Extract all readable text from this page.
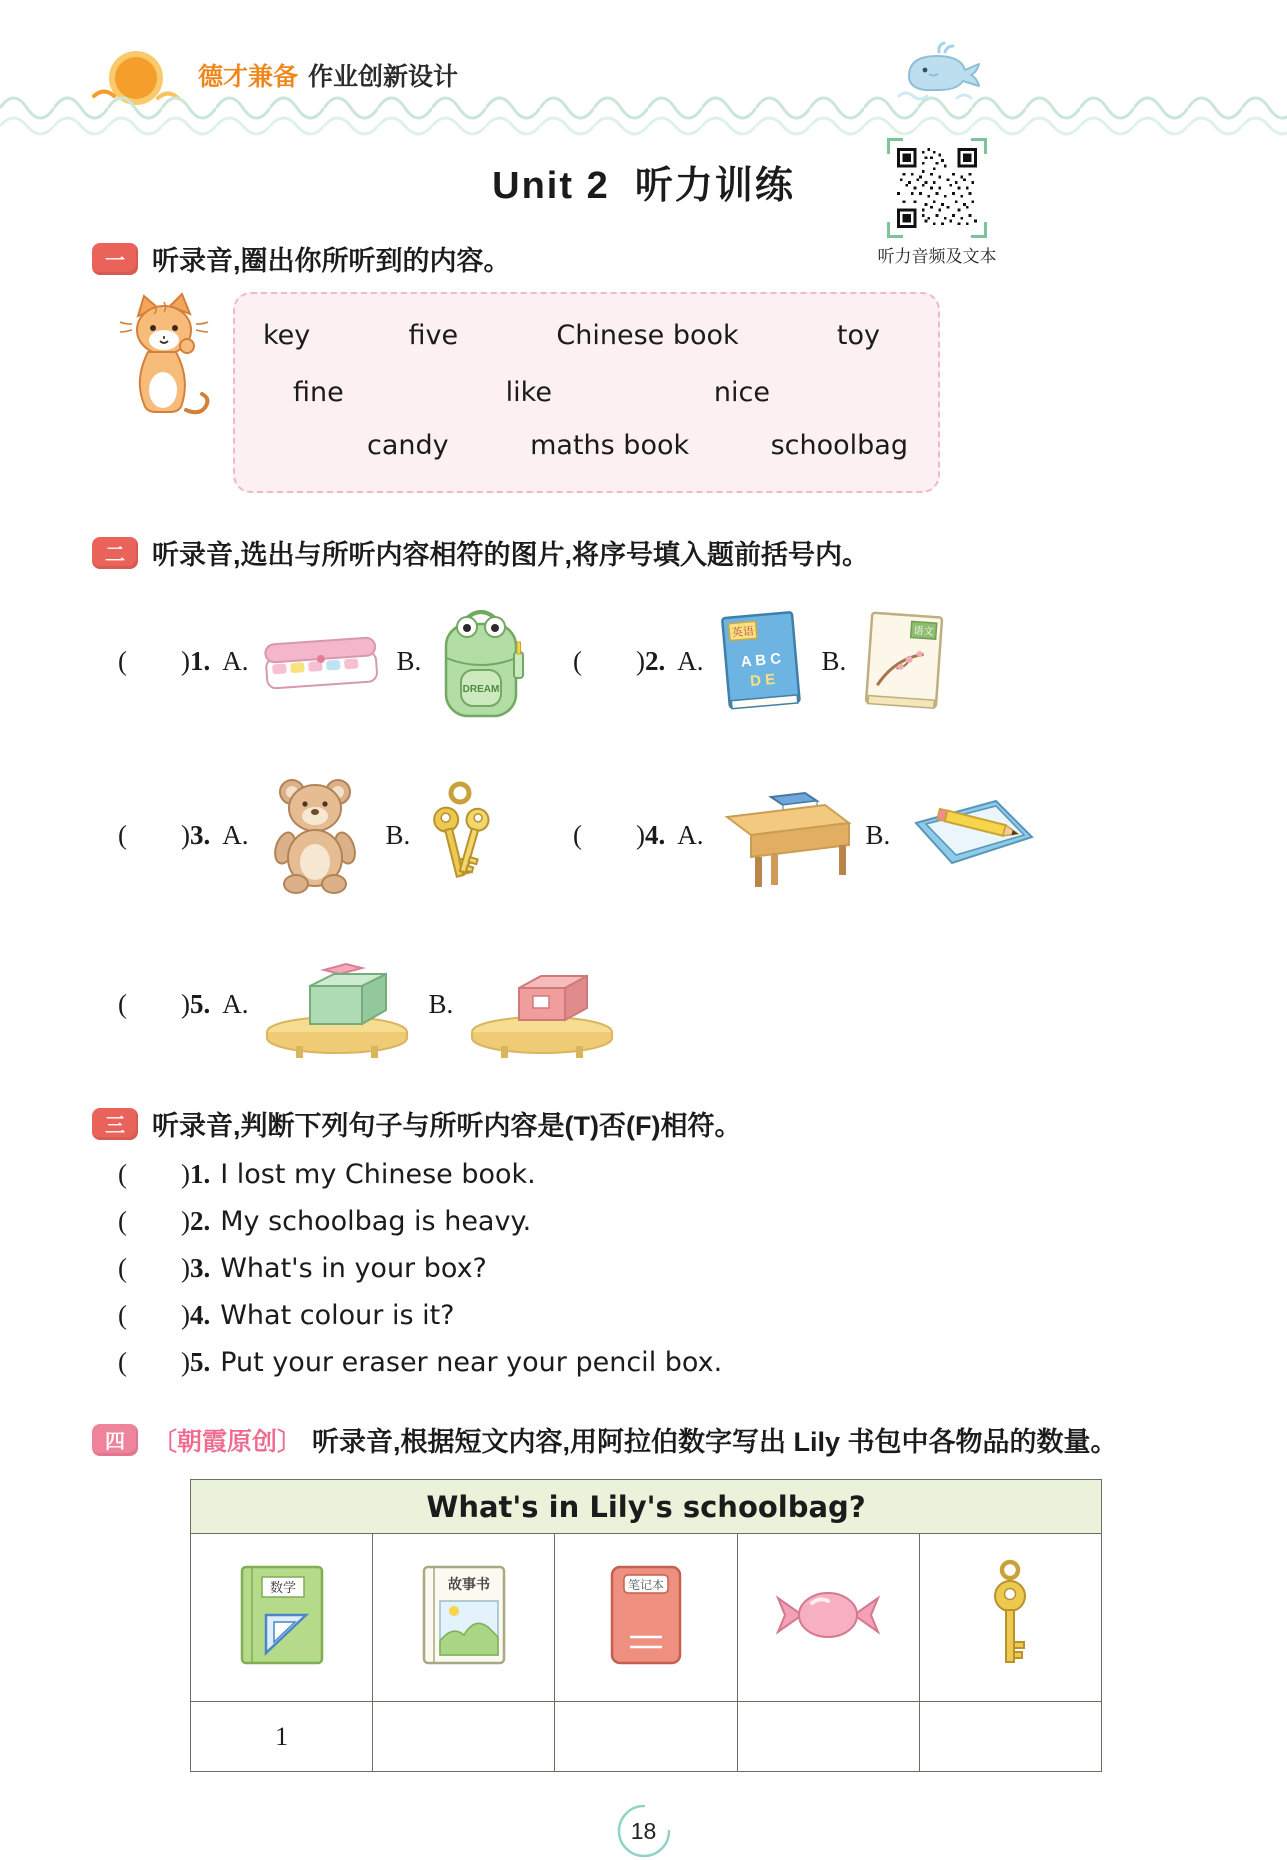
德才兼备 作业创新设计
Unit 2  听力训练
听力音频及文本
一	听录音,圈出你所听到的内容。
key	five	Chinese book	toy
fine	like	nice
candy	maths book	schoolbag
二	听录音,选出与所听内容相符的图片,将序号填入题前括号内。
(        ) 1. A.	B.
DREAM
(        ) 2. A.
英语
A B C
D E
B.
语文
(        ) 3. A.	B.	(        ) 4. A.	B.
(        ) 5. A.	B.
三	听录音,判断下列句子与所听内容是(T)否(F)相符。
(        ) 1. I lost my Chinese book.
(        ) 2. My schoolbag is heavy.
(        ) 3. What's in your box?
(        ) 4. What colour is it?
(        ) 5. Put your eraser near your pencil box.
四	〔朝霞原创〕 听录音,根据短文内容,用阿拉伯数字写出 Lily 书包中各物品的数量。
What's in Lily's schoolbag?				

数学	故事书	笔记本

1				
18
